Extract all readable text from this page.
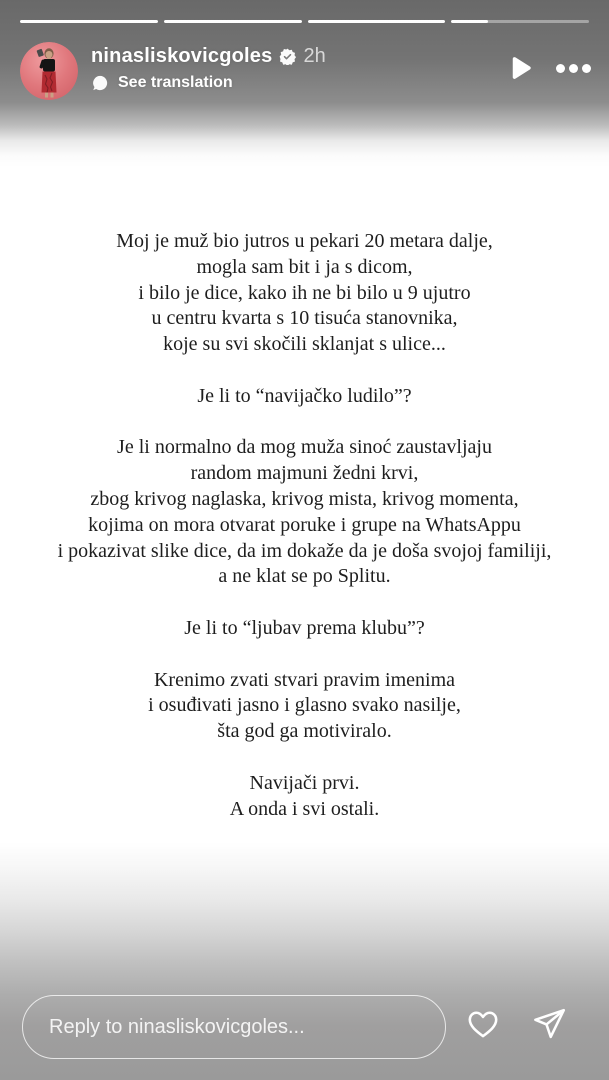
ninasliskovicgoles 2h
See translation
Moj je muž bio jutros u pekari 20 metara dalje,
mogla sam bit i ja s dicom,
i bilo je dice, kako ih ne bi bilo u 9 ujutro
u centru kvarta s 10 tisuća stanovnika,
koje su svi skočili sklanjat s ulice...
Je li to “navijačko ludilo”?
Je li normalno da mog muža sinoć zaustavljaju
random majmuni žedni krvi,
zbog krivog naglaska, krivog mista, krivog momenta,
kojima on mora otvarat poruke i grupe na WhatsAppu
i pokazivat slike dice, da im dokaže da je doša svojoj familiji,
a ne klat se po Splitu.
Je li to “ljubav prema klubu”?
Krenimo zvati stvari pravim imenima
i osuđivati jasno i glasno svako nasilje,
šta god ga motiviralo.
Navijači prvi.
A onda i svi ostali.
Reply to ninasliskovicgoles...
